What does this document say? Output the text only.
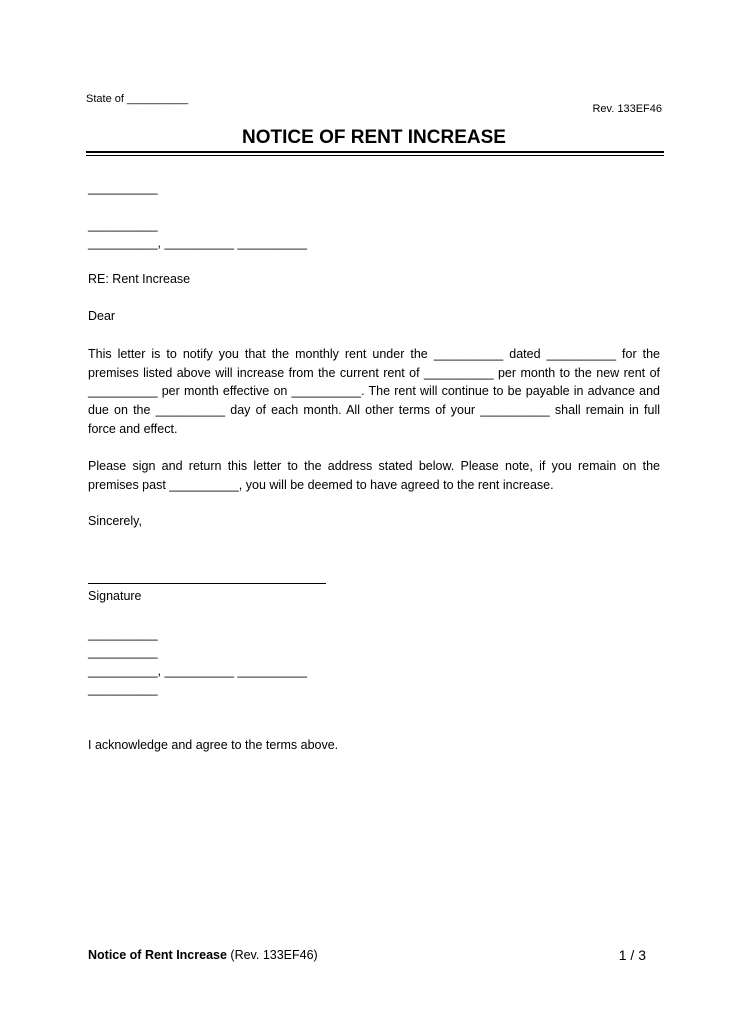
State of __________
Rev. 133EF46
NOTICE OF RENT INCREASE
__________
__________
__________, __________ __________
RE: Rent Increase
Dear

This letter is to notify you that the monthly rent under the __________ dated __________ for the premises listed above will increase from the current rent of __________ per month to the new rent of __________ per month effective on __________. The rent will continue to be payable in advance and due on the __________ day of each month. All other terms of your __________ shall remain in full force and effect.

Please sign and return this letter to the address stated below. Please note, if you remain on the premises past __________, you will be deemed to have agreed to the rent increase.

Sincerely,
Signature
__________
__________
__________, __________ __________
__________
I acknowledge and agree to the terms above.
Notice of Rent Increase (Rev. 133EF46)	1 / 3
